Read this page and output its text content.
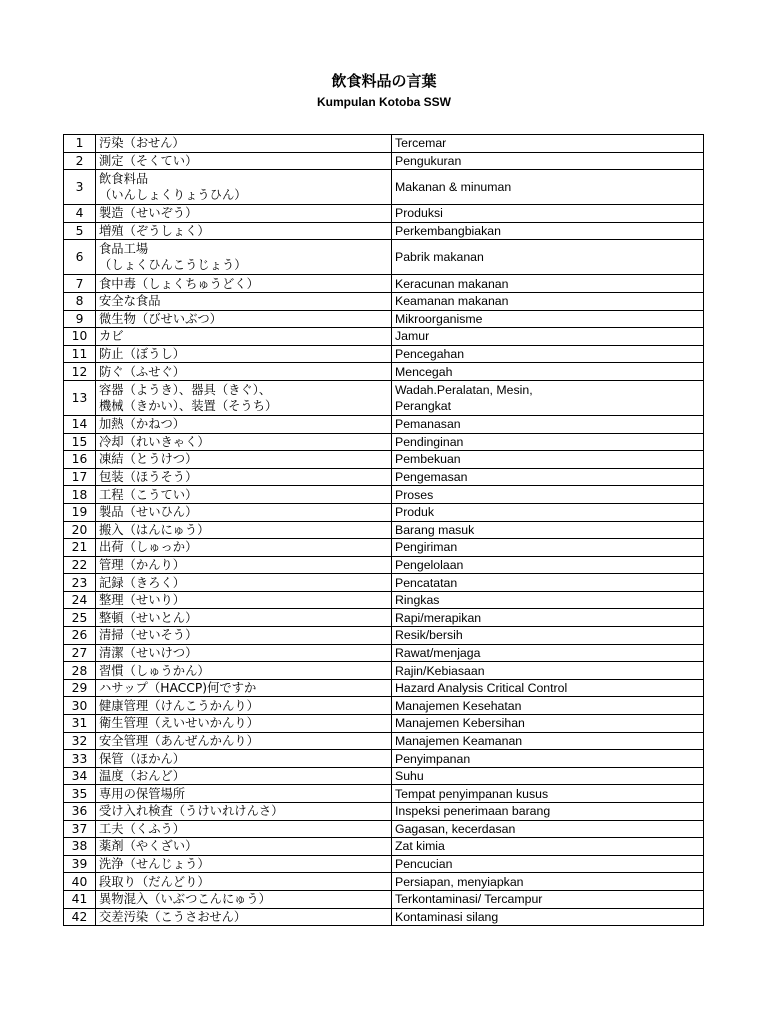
飲食料品の言葉
Kumpulan Kotoba SSW
1	汚染（おせん）	Tercemar
2	測定（そくてい）	Pengukuran
3	飲食料品
（いんしょくりょうひん）	Makanan & minuman
4	製造（せいぞう）	Produksi
5	増殖（ぞうしょく）	Perkembangbiakan
6	食品工場
（しょくひんこうじょう）	Pabrik makanan
7	食中毒（しょくちゅうどく）	Keracunan makanan
8	安全な食品	Keamanan makanan
9	微生物（びせいぶつ）	Mikroorganisme
10	カビ	Jamur
11	防止（ぼうし）	Pencegahan
12	防ぐ（ふせぐ）	Mencegah
13	容器（ようき）、器具（きぐ）、
機械（きかい）、装置（そうち）	Wadah.Peralatan, Mesin,
Perangkat
14	加熱（かねつ）	Pemanasan
15	冷却（れいきゃく）	Pendinginan
16	凍結（とうけつ）	Pembekuan
17	包装（ほうそう）	Pengemasan
18	工程（こうてい）	Proses
19	製品（せいひん）	Produk
20	搬入（はんにゅう）	Barang masuk
21	出荷（しゅっか）	Pengiriman
22	管理（かんり）	Pengelolaan
23	記録（きろく）	Pencatatan
24	整理（せいり）	Ringkas
25	整頓（せいとん）	Rapi/merapikan
26	清掃（せいそう）	Resik/bersih
27	清潔（せいけつ）	Rawat/menjaga
28	習慣（しゅうかん）	Rajin/Kebiasaan
29	ハサップ（HACCP)何ですか	Hazard Analysis Critical Control
30	健康管理（けんこうかんり）	Manajemen Kesehatan
31	衛生管理（えいせいかんり）	Manajemen Kebersihan
32	安全管理（あんぜんかんり）	Manajemen Keamanan
33	保管（ほかん）	Penyimpanan
34	温度（おんど）	Suhu
35	専用の保管場所	Tempat penyimpanan kusus
36	受け入れ検査（うけいれけんさ）	Inspeksi penerimaan barang
37	工夫（くふう）	Gagasan, kecerdasan
38	薬剤（やくざい）	Zat kimia
39	洗浄（せんじょう）	Pencucian
40	段取り（だんどり）	Persiapan, menyiapkan
41	異物混入（いぶつこんにゅう）	Terkontaminasi/ Tercampur
42	交差汚染（こうさおせん）	Kontaminasi silang
